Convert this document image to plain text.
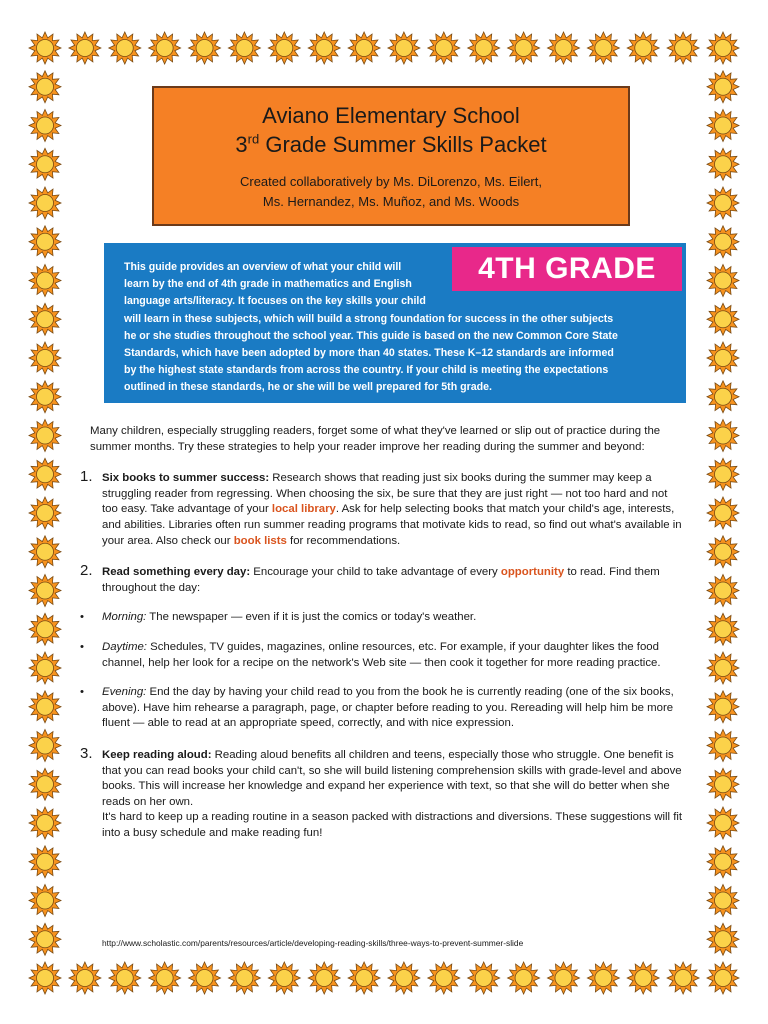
Aviano Elementary School
3rd Grade Summer Skills Packet
Created collaboratively by Ms. DiLorenzo, Ms. Eilert,
Ms. Hernandez, Ms. Muñoz, and Ms. Woods
4TH GRADE
This guide provides an overview of what your child will
learn by the end of 4th grade in mathematics and English
language arts/literacy. It focuses on the key skills your child
will learn in these subjects, which will build a strong foundation for success in the other subjects
he or she studies throughout the school year. This guide is based on the new Common Core State
Standards, which have been adopted by more than 40 states. These K–12 standards are informed
by the highest state standards from across the country. If your child is meeting the expectations
outlined in these standards, he or she will be well prepared for 5th grade.

Many children, especially struggling readers, forget some of what they've learned or slip out of practice during the summer months. Try these strategies to help your reader improve her reading during the summer and beyond:

1. Six books to summer success: Research shows that reading just six books during the summer may keep a struggling reader from regressing. When choosing the six, be sure that they are just right — not too hard and not too easy. Take advantage of your local library. Ask for help selecting books that match your child's age, interests, and abilities. Libraries often run summer reading programs that motivate kids to read, so find out what's available in your area. Also check our book lists for recommendations.
2. Read something every day: Encourage your child to take advantage of every opportunity to read. Find them throughout the day:
• Morning: The newspaper — even if it is just the comics or today's weather.
• Daytime: Schedules, TV guides, magazines, online resources, etc. For example, if your daughter likes the food channel, help her look for a recipe on the network's Web site — then cook it together for more reading practice.
• Evening: End the day by having your child read to you from the book he is currently reading (one of the six books, above). Have him rehearse a paragraph, page, or chapter before reading to you. Rereading will help him be more fluent — able to read at an appropriate speed, correctly, and with nice expression.
3. Keep reading aloud: Reading aloud benefits all children and teens, especially those who struggle. One benefit is that you can read books your child can't, so she will build listening comprehension skills with grade-level and above books. This will increase her knowledge and expand her experience with text, so that she will do better when she reads on her own.
It's hard to keep up a reading routine in a season packed with distractions and diversions. These suggestions will fit into a busy schedule and make reading fun!
http://www.scholastic.com/parents/resources/article/developing-reading-skills/three-ways-to-prevent-summer-slide
